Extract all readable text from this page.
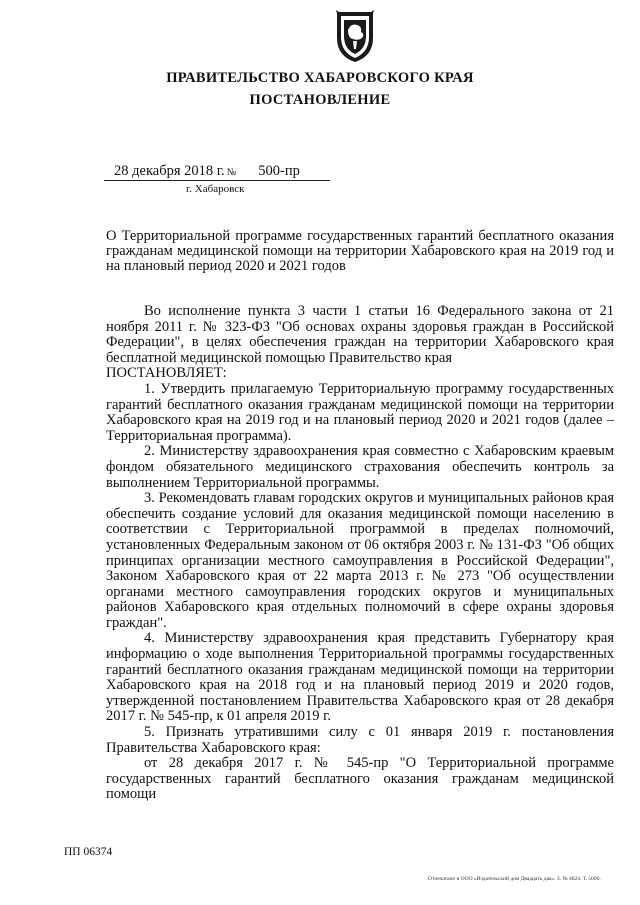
ПРАВИТЕЛЬСТВО ХАБАРОВСКОГО КРАЯ
ПОСТАНОВЛЕНИЕ
28 декабря 2018 г. № 500-пр
г. Хабаровск
О Территориальной программе государственных гарантий бесплатного оказания гражданам медицинской помощи на территории Хабаровского края на 2019 год и на плановый период 2020 и 2021 годов

Во исполнение пункта 3 части 1 статьи 16 Федерального закона от 21 ноября 2011 г. № 323-ФЗ "Об основах охраны здоровья граждан в Российской Федерации", в целях обеспечения граждан на территории Хабаровского края бесплатной медицинской помощью Правительство края

ПОСТАНОВЛЯЕТ:

1. Утвердить прилагаемую Территориальную программу государственных гарантий бесплатного оказания гражданам медицинской помощи на территории Хабаровского края на 2019 год и на плановый период 2020 и 2021 годов (далее – Территориальная программа).

2. Министерству здравоохранения края совместно с Хабаровским краевым фондом обязательного медицинского страхования обеспечить контроль за выполнением Территориальной программы.

3. Рекомендовать главам городских округов и муниципальных районов края обеспечить создание условий для оказания медицинской помощи населению в соответствии с Территориальной программой в пределах полномочий, установленных Федеральным законом от 06 октября 2003 г. № 131-ФЗ "Об общих принципах организации местного самоуправления в Российской Федерации", Законом Хабаровского края от 22 марта 2013 г. № 273 "Об осуществлении органами местного самоуправления городских округов и муниципальных районов Хабаровского края отдельных полномочий в сфере охраны здоровья граждан".

4. Министерству здравоохранения края представить Губернатору края информацию о ходе выполнения Территориальной программы государственных гарантий бесплатного оказания гражданам медицинской помощи на территории Хабаровского края на 2018 год и на плановый период 2019 и 2020 годов, утвержденной постановлением Правительства Хабаровского края от 28 декабря 2017 г. № 545-пр, к 01 апреля 2019 г.

5. Признать утратившими силу с 01 января 2019 г. постановления Правительства Хабаровского края:

от 28 декабря 2017 г. № 545-пр "О Территориальной программе государственных гарантий бесплатного оказания гражданам медицинской помощи

ПП 06374
Отпечатано в ООО «Издательский дом Двадцать два». З. № 4624. Т. 5000.
